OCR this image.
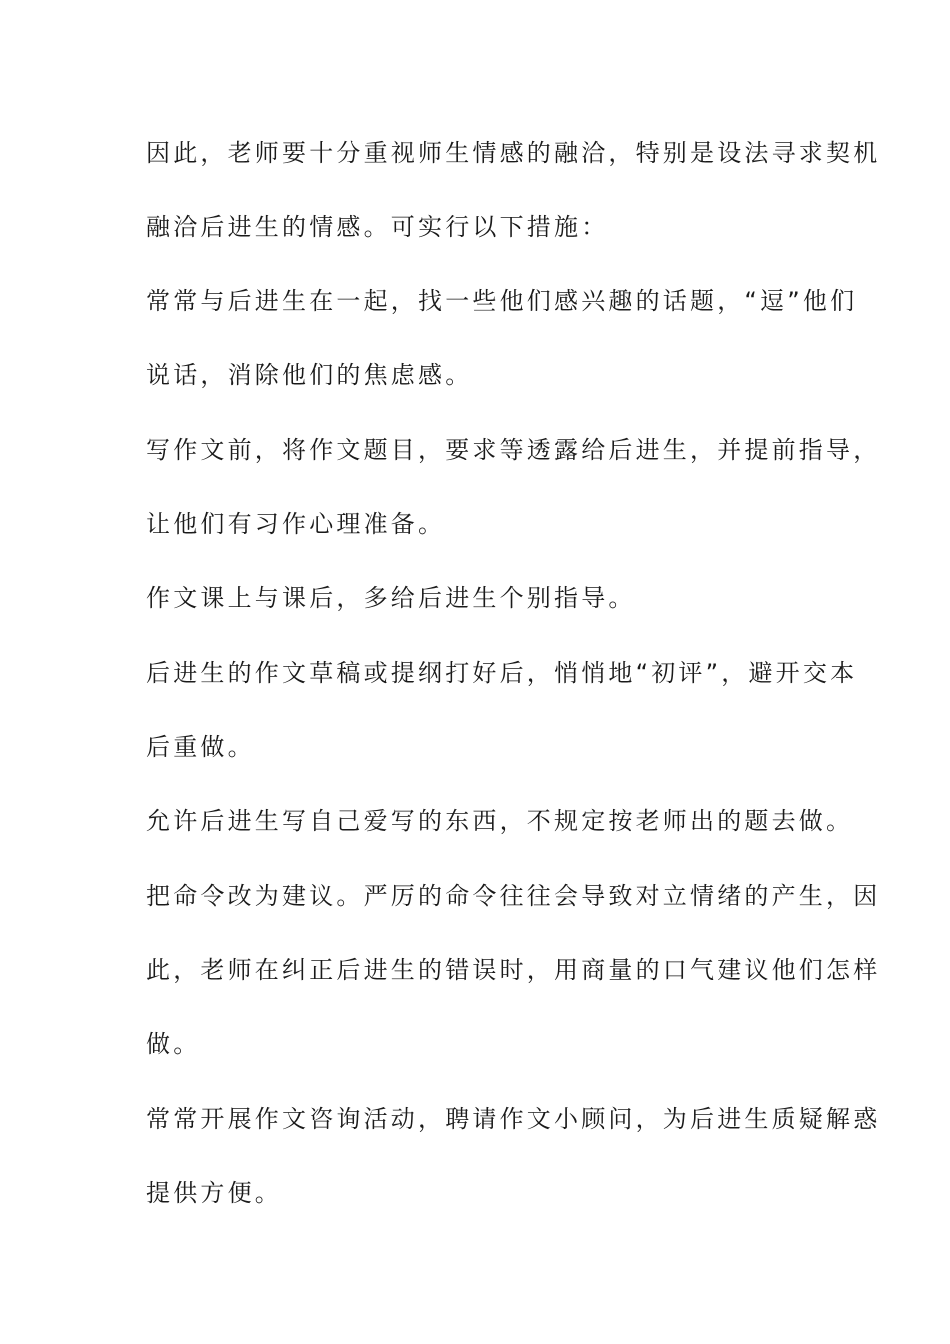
因此，老师要十分重视师生情感的融洽，特别是设法寻求契机
融洽后进生的情感。可实行以下措施：
常常与后进生在一起，找一些他们感兴趣的话题，“逗”他们
说话，消除他们的焦虑感。
写作文前，将作文题目，要求等透露给后进生，并提前指导，
让他们有习作心理准备。
作文课上与课后，多给后进生个别指导。
后进生的作文草稿或提纲打好后，悄悄地“初评”，避开交本
后重做。
允许后进生写自己爱写的东西，不规定按老师出的题去做。
把命令改为建议。严厉的命令往往会导致对立情绪的产生，因
此，老师在纠正后进生的错误时，用商量的口气建议他们怎样
做。
常常开展作文咨询活动，聘请作文小顾问，为后进生质疑解惑
提供方便。
